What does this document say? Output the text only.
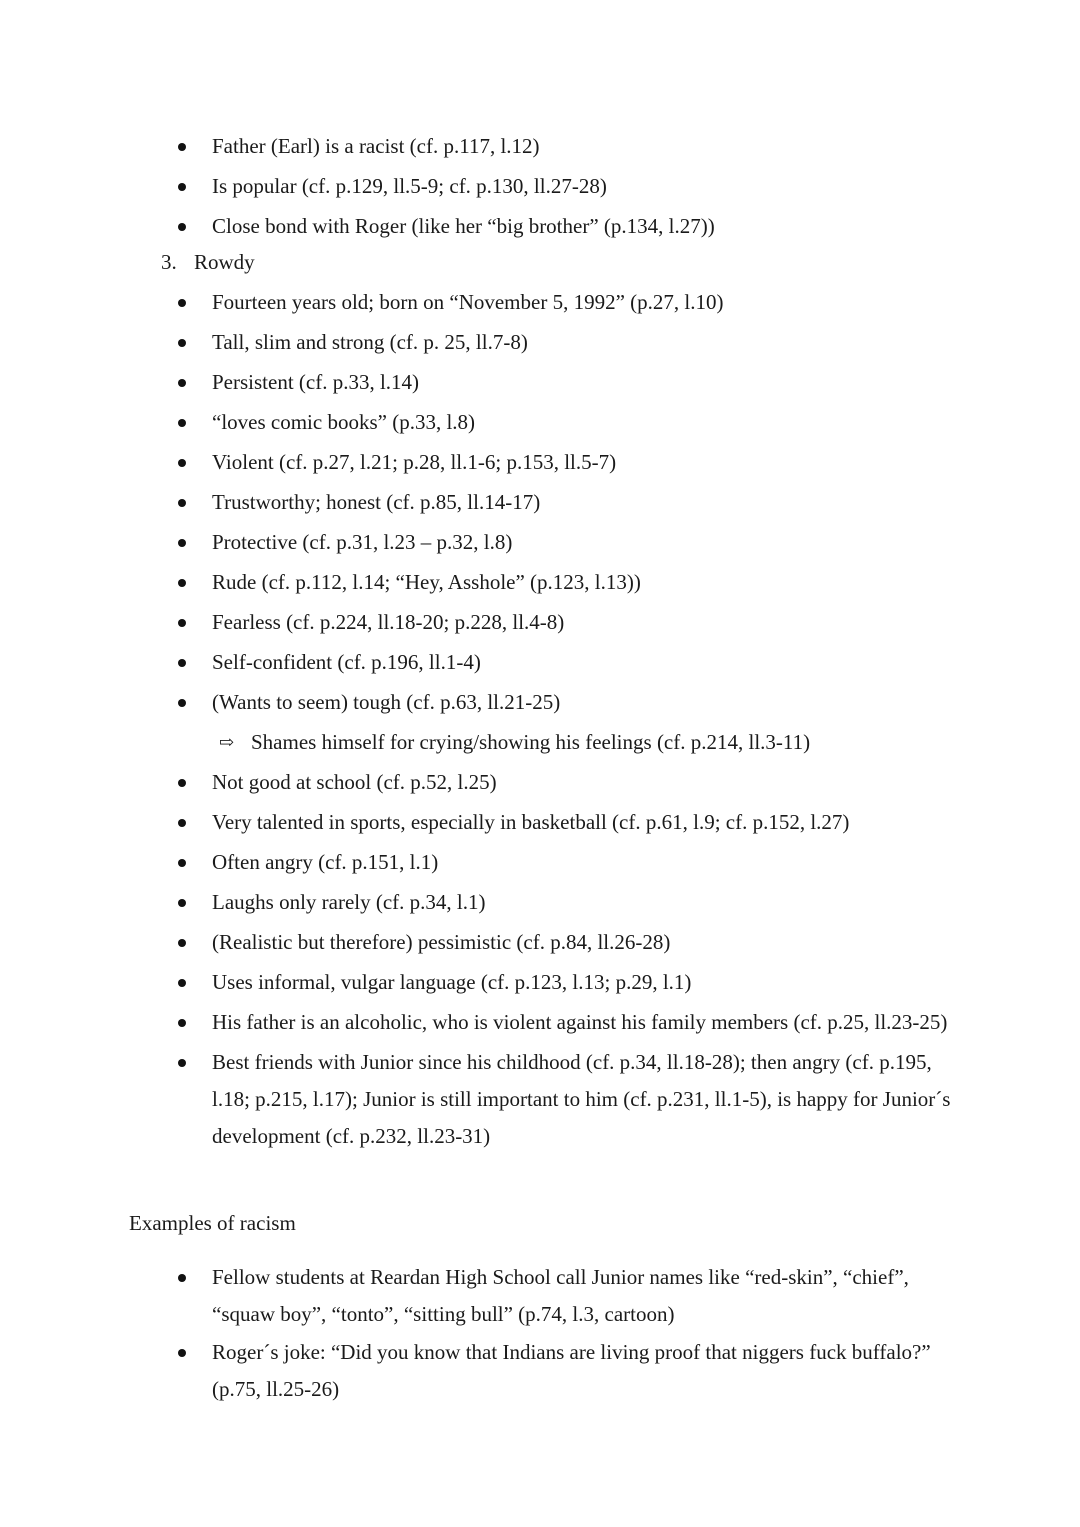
Father (Earl) is a racist (cf. p.117, l.12)
Is popular (cf. p.129, ll.5-9; cf. p.130, ll.27-28)
Close bond with Roger (like her “big brother” (p.134, l.27))
3. Rowdy
Fourteen years old; born on “November 5, 1992” (p.27, l.10)
Tall, slim and strong (cf. p. 25, ll.7-8)
Persistent (cf. p.33, l.14)
“loves comic books” (p.33, l.8)
Violent (cf. p.27, l.21; p.28, ll.1-6; p.153, ll.5-7)
Trustworthy; honest (cf. p.85, ll.14-17)
Protective (cf. p.31, l.23 – p.32, l.8)
Rude (cf. p.112, l.14; “Hey, Asshole” (p.123, l.13))
Fearless (cf. p.224, ll.18-20; p.228, ll.4-8)
Self-confident (cf. p.196, ll.1-4)
(Wants to seem) tough (cf. p.63, ll.21-25)
⇨ Shames himself for crying/showing his feelings (cf. p.214, ll.3-11)
Not good at school (cf. p.52, l.25)
Very talented in sports, especially in basketball (cf. p.61, l.9; cf. p.152, l.27)
Often angry (cf. p.151, l.1)
Laughs only rarely (cf. p.34, l.1)
(Realistic but therefore) pessimistic (cf. p.84, ll.26-28)
Uses informal, vulgar language (cf. p.123, l.13; p.29, l.1)
His father is an alcoholic, who is violent against his family members (cf. p.25, ll.23-25)
Best friends with Junior since his childhood (cf. p.34, ll.18-28); then angry (cf. p.195, l.18; p.215, l.17); Junior is still important to him (cf. p.231, ll.1-5), is happy for Junior´s development (cf. p.232, ll.23-31)
Examples of racism
Fellow students at Reardan High School call Junior names like “red-skin”, “chief”, “squaw boy”, “tonto”, “sitting bull” (p.74, l.3, cartoon)
Roger´s joke: “Did you know that Indians are living proof that niggers fuck buffalo?” (p.75, ll.25-26)
